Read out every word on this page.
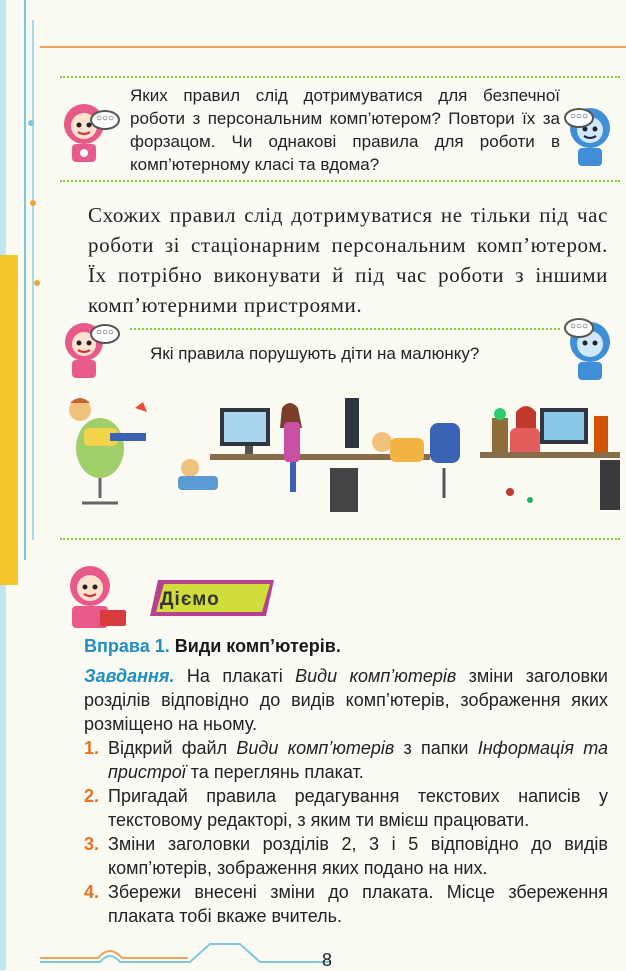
○○○
Яких правил слід дотримуватися для безпечної роботи з персональним комп’ютером? Повтори їх за форзацом. Чи однакові правила для роботи в комп’ютерному класі та вдома?
○○○
Схожих правил слід дотримуватися не тільки під час роботи зі стаціонарним персональним комп’ютером. Їх потрібно виконувати й під час роботи з іншими комп’ютерними пристроями.
○○○
Які правила порушують діти на малюнку?
○○○
Дiємо
Вправа 1. Види комп’ютерів.
Завдання. На плакаті Види комп’ютерів зміни заголовки розділів відповідно до видів комп’ютерів, зображення яких розміщено на ньому.
1. Відкрий файл Види комп’ютерів з папки Інформація та пристрої та переглянь плакат.
2. Пригадай правила редагування текстових написів у текстовому редакторі, з яким ти вмієш працювати.
3. Зміни заголовки розділів 2, 3 і 5 відповідно до видів комп’ютерів, зображення яких подано на них.
4. Збережи внесені зміни до плаката. Місце збереження плаката тобі вкаже вчитель.
8
